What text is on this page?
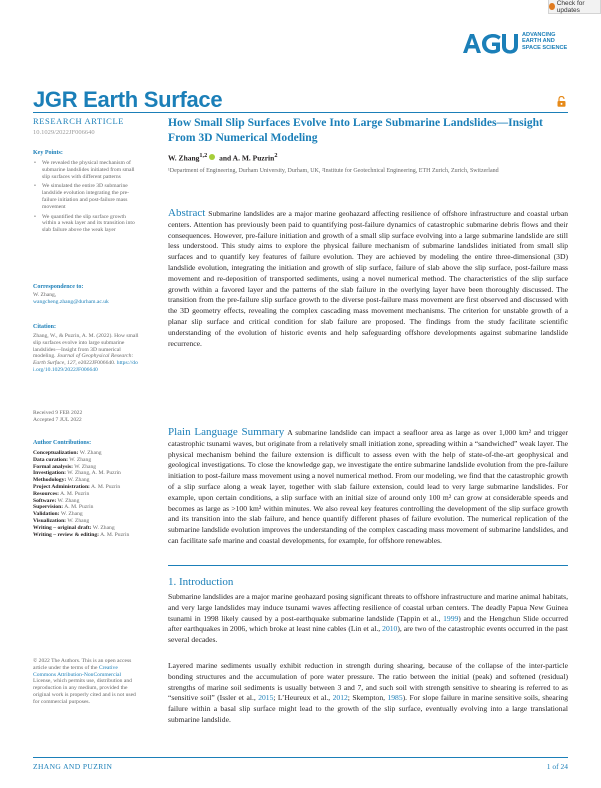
Check for updates
ADVANCING
EARTH AND
SPACE SCIENCE
JGR Earth Surface
RESEARCH ARTICLE
10.1029/2022JF006640
How Small Slip Surfaces Evolve Into Large Submarine Landslides—Insight From 3D Numerical Modeling
W. Zhang$^{1,2}$ and A. M. Puzrin$^2$
¹Department of Engineering, Durham University, Durham, UK, ²Institute for Geotechnical Engineering, ETH Zurich, Zurich, Switzerland
Key Points:
• We revealed the physical mechanism of submarine landslides initiated from small slip surfaces with different patterns
• We simulated the entire 3D submarine landslide evolution integrating the pre-failure initiation and post-failure mass movement
• We quantified the slip surface growth within a weak layer and its transition into slab failure above the weak layer
Correspondence to:
W. Zhang,
wangcheng.zhang@durham.ac.uk
Citation:
Zhang, W., & Puzrin, A. M. (2022). How small slip surfaces evolve into large submarine landslides—Insight from 3D numerical modeling. Journal of Geophysical Research: Earth Surface, 127, e2022JF006640. https://doi.org/10.1029/2022JF006640
Received 9 FEB 2022
Accepted 7 JUL 2022
Author Contributions:
Conceptualization: W. Zhang
Data curation: W. Zhang
Formal analysis: W. Zhang
Investigation: W. Zhang, A. M. Puzrin
Methodology: W. Zhang
Project Administration: A. M. Puzrin
Resources: A. M. Puzrin
Software: W. Zhang
Supervision: A. M. Puzrin
Validation: W. Zhang
Visualization: W. Zhang
Writing – original draft: W. Zhang
Writing – review & editing: A. M. Puzrin
© 2022 The Authors. This is an open access article under the terms of the Creative Commons Attribution-NonCommercial License, which permits use, distribution and reproduction in any medium, provided the original work is properly cited and is not used for commercial purposes.
Abstract Submarine landslides are a major marine geohazard affecting resilience of offshore infrastructure and coastal urban centers. Attention has previously been paid to quantifying post-failure dynamics of catastrophic submarine debris flows and their consequences. However, pre-failure initiation and growth of a small slip surface evolving into a large submarine landslide are still less understood. This study aims to explore the physical failure mechanism of submarine landslides initiated from small slip surfaces and to quantify key features of failure evolution. They are achieved by modeling the entire three-dimensional (3D) landslide evolution, integrating the initiation and growth of slip surface, failure of slab above the slip surface, post-failure mass movement and re-deposition of transported sediments, using a novel numerical method. The characteristics of the slip surface growth within a favored layer and the patterns of the slab failure in the overlying layer have been thoroughly discussed. The transition from the pre-failure slip surface growth to the diverse post-failure mass movement are first observed and discussed with the 3D geometry effects, revealing the complex cascading mass movement mechanisms. The criterion for unstable growth of a planar slip surface and critical condition for slab failure are proposed. The findings from the study facilitate scientific understanding of the evolution of historic events and help safeguarding offshore developments against submarine landslide recurrence.
Plain Language Summary A submarine landslide can impact a seafloor area as large as over 1,000 km² and trigger catastrophic tsunami waves, but originate from a relatively small initiation zone, spreading within a “sandwiched” weak layer. The physical mechanism behind the failure extension is difficult to assess even with the help of state-of-the-art geophysical and geological investigations. To close the knowledge gap, we investigate the entire submarine landslide evolution from the pre-failure initiation to post-failure mass movement using a novel numerical method. From our modeling, we find that the catastrophic growth of a slip surface along a weak layer, together with slab failure extension, could lead to very large submarine landslides. For example, upon certain conditions, a slip surface with an initial size of around only 100 m² can grow at considerable speeds and becomes as large as >100 km² within minutes. We also reveal key features controlling the development of the slip surface growth and its transition into the slab failure, and hence quantify different phases of failure evolution. The numerical replication of the submarine landslide evolution improves the understanding of the complex cascading mass movement of submarine landslides, and can facilitate safe marine and coastal developments, for example, for offshore renewables.
1. Introduction
Submarine landslides are a major marine geohazard posing significant threats to offshore infrastructure and marine animal habitats, and very large landslides may induce tsunami waves affecting resilience of coastal urban centers. The deadly Papua New Guinea tsunami in 1998 likely caused by a post-earthquake submarine landslide (Tappin et al., 1999) and the Hengchun Slide occurred after earthquakes in 2006, which broke at least nine cables (Lin et al., 2010), are two of the catastrophic events occurred in the past several decades.
Layered marine sediments usually exhibit reduction in strength during shearing, because of the collapse of the inter-particle bonding structures and the accumulation of pore water pressure. The ratio between the initial (peak) and softened (residual) strengths of marine soil sediments is usually between 3 and 7, and such soil with strength sensitive to shearing is referred to as “sensitive soil” (Issler et al., 2015; L’Heureux et al., 2012; Skempton, 1985). For slope failure in marine sensitive soils, shearing failure within a basal slip surface might lead to the growth of the slip surface, eventually evolving into a large translational submarine landslide.
ZHANG AND PUZRIN	1 of 24
